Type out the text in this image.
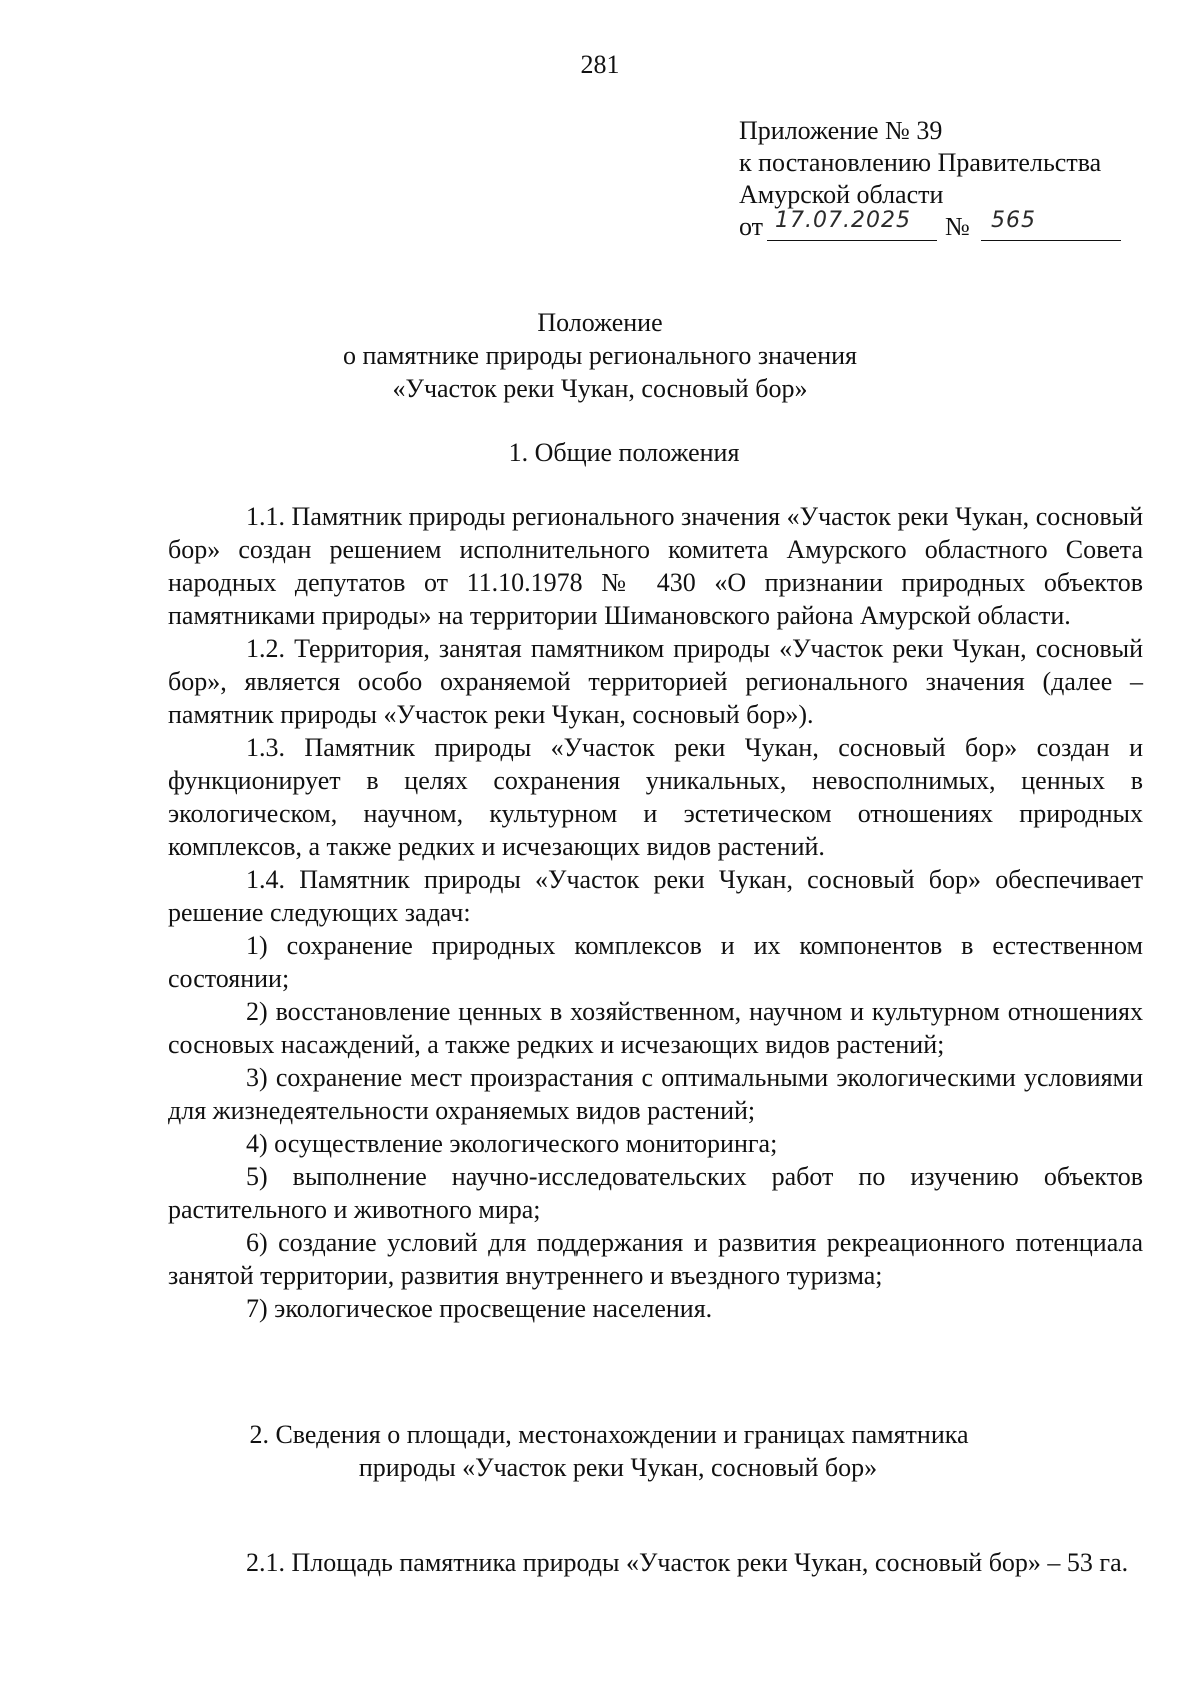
281
Приложение № 39
к постановлению Правительства
Амурской области
от 17.07.2025 № 565
Положение
о памятнике природы регионального значения
«Участок реки Чукан, сосновый бор»
1. Общие положения

1.1. Памятник природы регионального значения «Участок реки Чукан, сосновый бор» создан решением исполнительного комитета Амурского областного Совета народных депутатов от 11.10.1978 № 430 «О признании природных объектов памятниками природы» на территории Шимановского района Амурской области.

1.2. Территория, занятая памятником природы «Участок реки Чукан, сосновый бор», является особо охраняемой территорией регионального значения (далее – памятник природы «Участок реки Чукан, сосновый бор»).

1.3. Памятник природы «Участок реки Чукан, сосновый бор» создан и функционирует в целях сохранения уникальных, невосполнимых, ценных в экологическом, научном, культурном и эстетическом отношениях природных комплексов, а также редких и исчезающих видов растений.

1.4. Памятник природы «Участок реки Чукан, сосновый бор» обеспечивает решение следующих задач:

1) сохранение природных комплексов и их компонентов в естественном состоянии;

2) восстановление ценных в хозяйственном, научном и культурном отношениях сосновых насаждений, а также редких и исчезающих видов растений;

3) сохранение мест произрастания с оптимальными экологическими условиями для жизнедеятельности охраняемых видов растений;

4) осуществление экологического мониторинга;

5) выполнение научно-исследовательских работ по изучению объектов растительного и животного мира;

6) создание условий для поддержания и развития рекреационного потенциала занятой территории, развития внутреннего и въездного туризма;

7) экологическое просвещение населения.

2. Сведения о площади, местонахождении и границах памятника
природы «Участок реки Чукан, сосновый бор»

2.1. Площадь памятника природы «Участок реки Чукан, сосновый бор» – 53 га.
